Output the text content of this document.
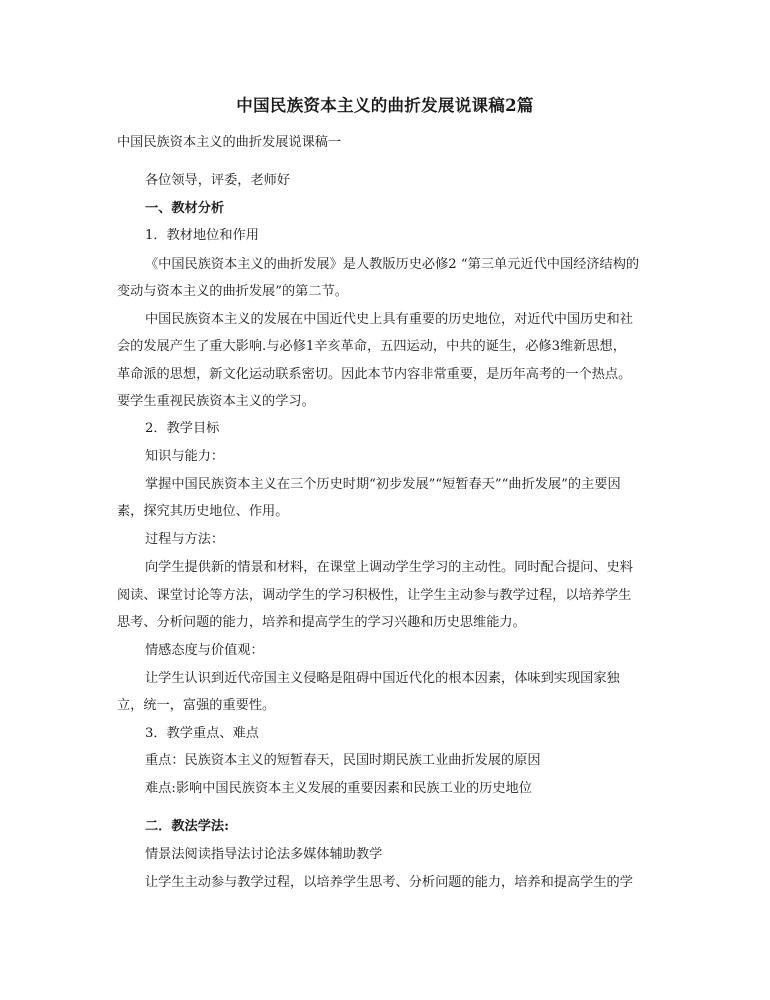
中国民族资本主义的曲折发展说课稿2篇
中国民族资本主义的曲折发展说课稿一
各位领导，评委，老师好
一、教材分析
1．教材地位和作用
《中国民族资本主义的曲折发展》是人教版历史必修2 “第三单元近代中国经济结构的
变动与资本主义的曲折发展”的第二节。
中国民族资本主义的发展在中国近代史上具有重要的历史地位，对近代中国历史和社
会的发展产生了重大影响.与必修1辛亥革命，五四运动，中共的诞生，必修3维新思想，
革命派的思想，新文化运动联系密切。因此本节内容非常重要，是历年高考的一个热点。
要学生重视民族资本主义的学习。
2．教学目标
知识与能力：
掌握中国民族资本主义在三个历史时期“初步发展”“短暂春天”“曲折发展”的主要因
素，探究其历史地位、作用。
过程与方法：
向学生提供新的情景和材料，在课堂上调动学生学习的主动性。同时配合提问、史料
阅读、课堂讨论等方法，调动学生的学习积极性，让学生主动参与教学过程，以培养学生
思考、分析问题的能力，培养和提高学生的学习兴趣和历史思维能力。
情感态度与价值观：
让学生认识到近代帝国主义侵略是阻碍中国近代化的根本因素，体味到实现国家独
立，统一，富强的重要性。
3．教学重点、难点
重点：民族资本主义的短暂春天，民国时期民族工业曲折发展的原因
难点:影响中国民族资本主义发展的重要因素和民族工业的历史地位
二．教法学法:
情景法阅读指导法讨论法多媒体辅助教学
让学生主动参与教学过程，以培养学生思考、分析问题的能力，培养和提高学生的学
